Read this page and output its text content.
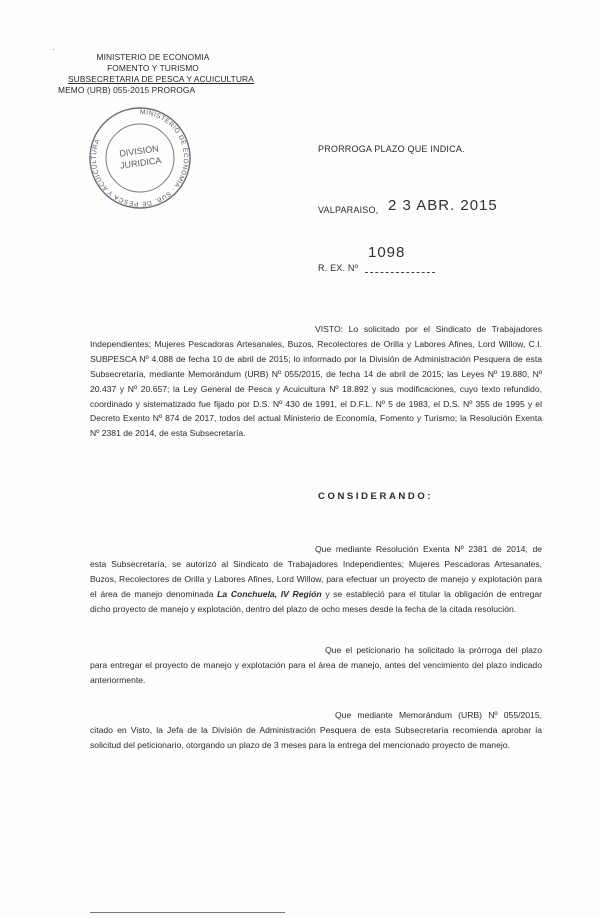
·
MINISTERIO DE ECONOMIA
FOMENTO Y TURISMO
SUBSECRETARIA DE PESCA Y ACUICULTURA
MEMO (URB) 055-2015 PROROGA
MINISTERIO DE ECONOMIA · SUB. DE PESCA Y ACUICULTURA
DIVISION
JURIDICA
PRORROGA PLAZO QUE INDICA.
VALPARAISO, 2 3 ABR. 2015
R. EX. Nº
1098
VISTO: Lo solicitado por el Sindicato de Trabajadores Independientes; Mujeres Pescadoras Artesanales, Buzos, Recolectores de Orilla y Labores Afines, Lord Willow, C.I. SUBPESCA Nº 4.088 de fecha 10 de abril de 2015; lo informado por la División de Administración Pesquera de esta Subsecretaría, mediante Memorándum (URB) Nº 055/2015, de fecha 14 de abril de 2015; las Leyes Nº 19.880, Nº 20.437 y Nº 20.657; la Ley General de Pesca y Acuicultura Nº 18.892 y sus modificaciones, cuyo texto refundido, coordinado y sistematizado fue fijado por D.S. Nº 430 de 1991, el D.F.L. Nº 5 de 1983, el D.S. Nº 355 de 1995 y el Decreto Exento Nº 874 de 2017, todos del actual Ministerio de Economía, Fomento y Turismo; la Resolución Exenta Nº 2381 de 2014, de esta Subsecretaría.
CONSIDERANDO:
Que mediante Resolución Exenta Nº 2381 de 2014, de esta Subsecretaría, se autorizó al Sindicato de Trabajadores Independientes; Mujeres Pescadoras Artesanales, Buzos, Recolectores de Orilla y Labores Afines, Lord Willow, para efectuar un proyecto de manejo y explotación para el área de manejo denominada La Conchuela, IV Región y se estableció para el titular la obligación de entregar dicho proyecto de manejo y explotación, dentro del plazo de ocho meses desde la fecha de la citada resolución.
Que el peticionario ha solicitado la prórroga del plazo para entregar el proyecto de manejo y explotación para el área de manejo, antes del vencimiento del plazo indicado anteriormente.
Que mediante Memorándum (URB) Nº 055/2015, citado en Visto, la Jefa de la División de Administración Pesquera de esta Subsecretaría recomienda aprobar la solicitud del peticionario, otorgando un plazo de 3 meses para la entrega del mencionado proyecto de manejo.
